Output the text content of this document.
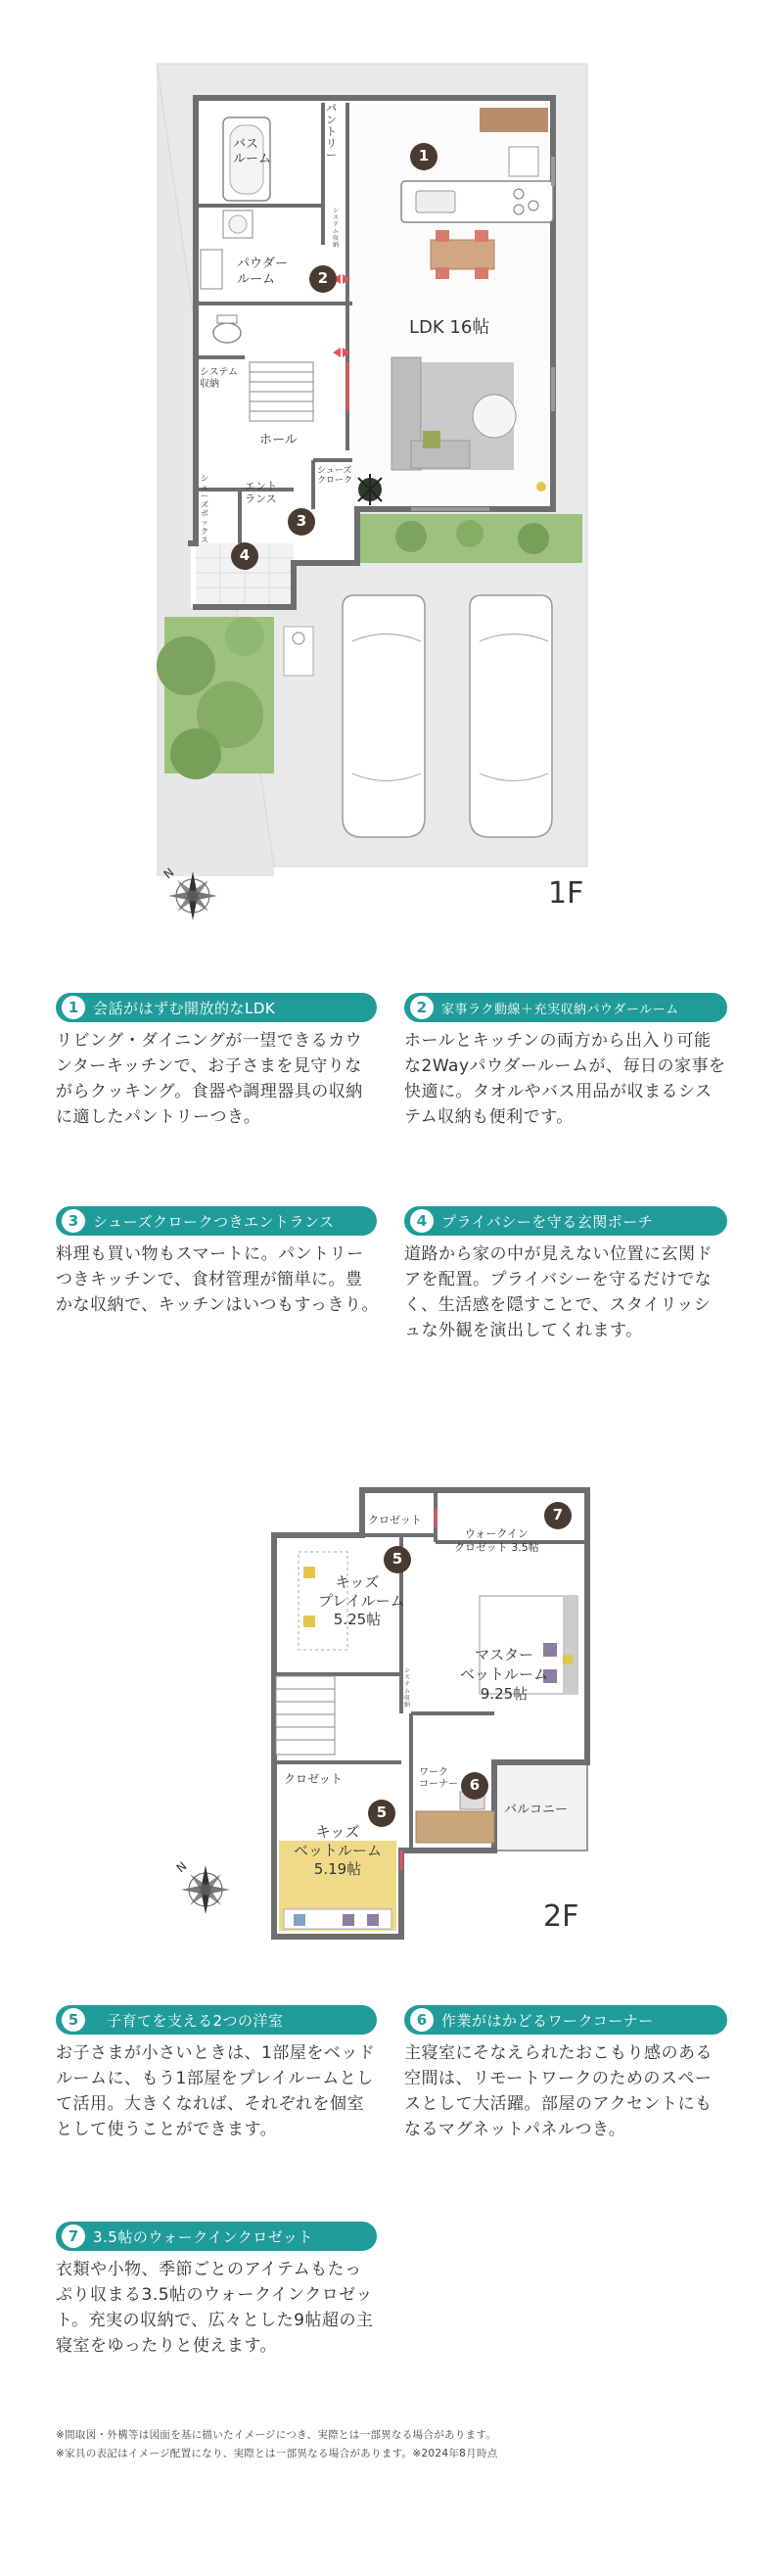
バス
ルーム
パントリー
システム収納
パウダー
ルーム
システム
収納
LDK 16帖
ホール
エント
ランス
シューズボックス
シューズ
クローク
1
2
3
4
N
1F
1 会話がはずむ開放的なLDK
リビング・ダイニングが一望できるカウンターキッチンで、お子さまを見守りながらクッキング。食器や調理器具の収納に適したパントリーつき。
2	家事ラク動線＋充実収納パウダールーム
ホールとキッチンの両方から出入り可能な2Wayパウダールームが、毎日の家事を快適に。タオルやバス用品が収まるシステム収納も便利です。
3 シューズクロークつきエントランス
料理も買い物もスマートに。パントリーつきキッチンで、食材管理が簡単に。豊かな収納で、キッチンはいつもすっきり。
4 プライバシーを守る玄関ポーチ
道路から家の中が見えない位置に玄関ドアを配置。プライバシーを守るだけでなく、生活感を隠すことで、スタイリッシュな外観を演出してくれます。
クロゼット
ウォークイン
クロゼット 3.5帖
キッズ
プレイルーム
5.25帖
マスター
ベットルーム
9.25帖
システム収納
ワーク
コーナー
バルコニー
クロゼット
キッズ
ベットルーム
5.19帖
7
5
6
5
N
2F
5	子育てを支える2つの洋室
お子さまが小さいときは、1部屋をベッドルームに、もう1部屋をプレイルームとして活用。大きくなれば、それぞれを個室として使うことができます。
6 作業がはかどるワークコーナー
主寝室にそなえられたおこもり感のある空間は、リモートワークのためのスペースとして大活躍。部屋のアクセントにもなるマグネットパネルつき。
7 3.5帖のウォークインクロゼット
衣類や小物、季節ごとのアイテムもたっぷり収まる3.5帖のウォークインクロゼット。充実の収納で、広々とした9帖超の主寝室をゆったりと使えます。
※間取図・外構等は図面を基に描いたイメージにつき、実際とは一部異なる場合があります。
※家具の表記はイメージ配置になり、実際とは一部異なる場合があります。※2024年8月時点
